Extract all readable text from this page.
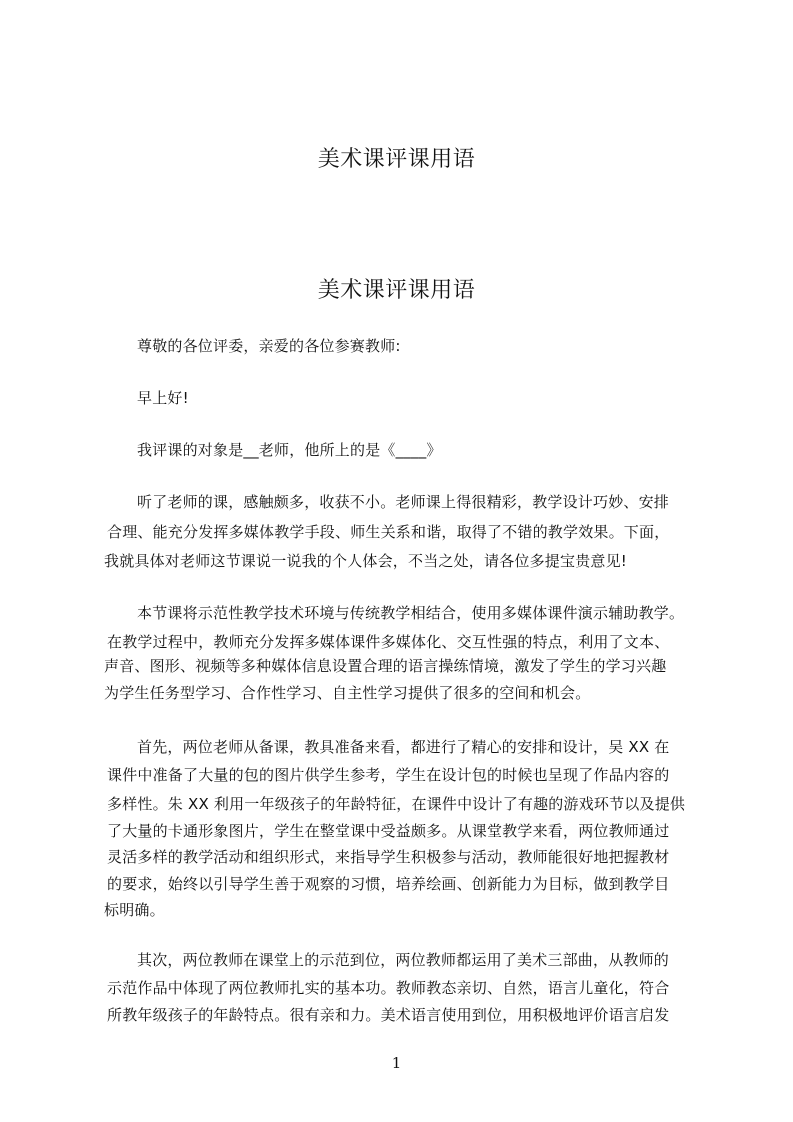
美术课评课用语
美术课评课用语
尊敬的各位评委，亲爱的各位参赛教师:
早上好!
我评课的对象是__老师，他所上的是《____》
听了老师的课，感触颇多，收获不小。老师课上得很精彩，教学设计巧妙、安排
合理、能充分发挥多媒体教学手段、师生关系和谐，取得了不错的教学效果。下面，
我就具体对老师这节课说一说我的个人体会，不当之处，请各位多提宝贵意见!
本节课将示范性教学技术环境与传统教学相结合，使用多媒体课件演示辅助教学。
在教学过程中，教师充分发挥多媒体课件多媒体化、交互性强的特点，利用了文本、
声音、图形、视频等多种媒体信息设置合理的语言操练情境，激发了学生的学习兴趣
为学生任务型学习、合作性学习、自主性学习提供了很多的空间和机会。
首先，两位老师从备课，教具准备来看，都进行了精心的安排和设计，吴 XX 在
课件中准备了大量的包的图片供学生参考，学生在设计包的时候也呈现了作品内容的
多样性。朱 XX 利用一年级孩子的年龄特征，在课件中设计了有趣的游戏环节以及提供
了大量的卡通形象图片，学生在整堂课中受益颇多。从课堂教学来看，两位教师通过
灵活多样的教学活动和组织形式，来指导学生积极参与活动，教师能很好地把握教材
的要求，始终以引导学生善于观察的习惯，培养绘画、创新能力为目标，做到教学目
标明确。
其次，两位教师在课堂上的示范到位，两位教师都运用了美术三部曲，从教师的
示范作品中体现了两位教师扎实的基本功。教师教态亲切、自然，语言儿童化，符合
所教年级孩子的年龄特点。很有亲和力。美术语言使用到位，用积极地评价语言启发
1
